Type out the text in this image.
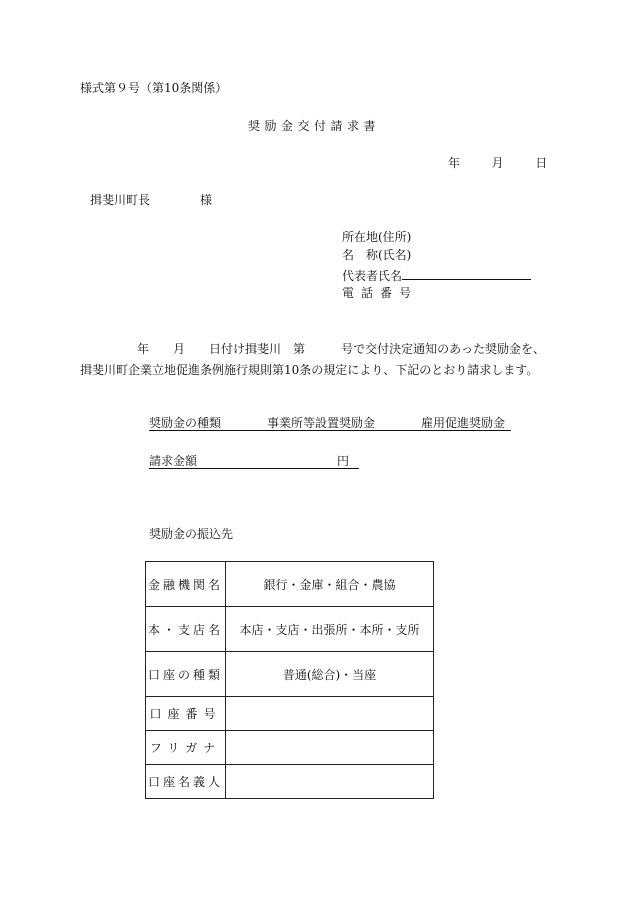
様式第９号（第10条関係）
奨励金交付請求書
年	月	日
揖斐川町長	様
所在地(住所)
名　称(氏名)
代表者氏名
電話番号
年 月 日付け揖斐川 第	号で交付決定通知のあった奨励金を、揖斐川町企業立地促進条例施行規則第10条の規定により、下記のとおり請求します。
奨励金の種類	事業所等設置奨励金	雇用促進奨励金
請求金額	円
奨励金の振込先
金融機関名	銀行・金庫・組合・農協
本・支店名	本店・支店・出張所・本所・支所
口座の種類	普通(総合)・当座
口座番号	
フリガナ	
口座名義人	
